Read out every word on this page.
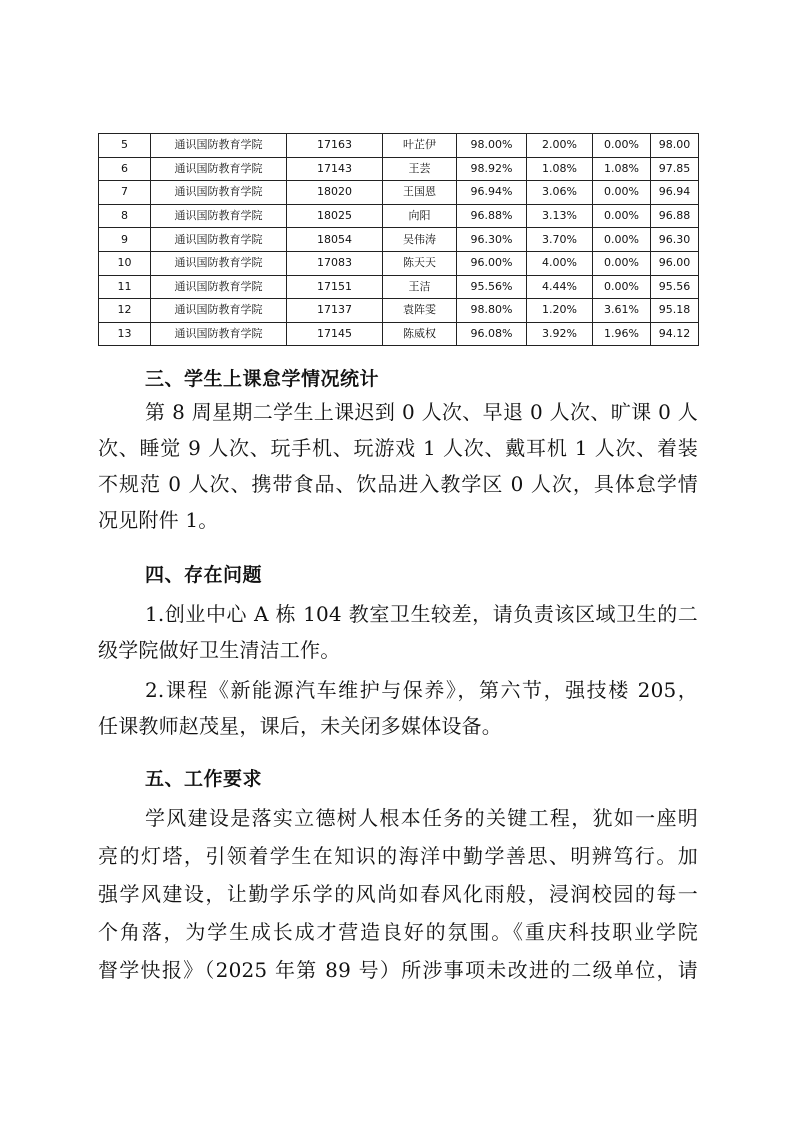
5	通识国防教育学院	17163	叶芷伊	98.00%	2.00%	0.00%	98.00
6	通识国防教育学院	17143	王芸	98.92%	1.08%	1.08%	97.85
7	通识国防教育学院	18020	王国恩	96.94%	3.06%	0.00%	96.94
8	通识国防教育学院	18025	向阳	96.88%	3.13%	0.00%	96.88
9	通识国防教育学院	18054	吴伟涛	96.30%	3.70%	0.00%	96.30
10	通识国防教育学院	17083	陈天天	96.00%	4.00%	0.00%	96.00
11	通识国防教育学院	17151	王洁	95.56%	4.44%	0.00%	95.56
12	通识国防教育学院	17137	袁阵雯	98.80%	1.20%	3.61%	95.18
13	通识国防教育学院	17145	陈威权	96.08%	3.92%	1.96%	94.12
三、学生上课怠学情况统计
第 8 周星期二学生上课迟到 0 人次、早退 0 人次、旷课 0 人
次、睡觉 9 人次、玩手机、玩游戏 1 人次、戴耳机 1 人次、着装
不规范 0 人次、携带食品、饮品进入教学区 0 人次，具体怠学情
况见附件 1。
四、存在问题
1.创业中心 A 栋 104 教室卫生较差，请负责该区域卫生的二
级学院做好卫生清洁工作。
2.课程《新能源汽车维护与保养》，第六节，强技楼 205，
任课教师赵茂星，课后，未关闭多媒体设备。
五、工作要求
学风建设是落实立德树人根本任务的关键工程，犹如一座明
亮的灯塔，引领着学生在知识的海洋中勤学善思、明辨笃行。加
强学风建设，让勤学乐学的风尚如春风化雨般，浸润校园的每一
个角落，为学生成长成才营造良好的氛围。《重庆科技职业学院
督学快报》（2025 年第 89 号）所涉事项未改进的二级单位，请
